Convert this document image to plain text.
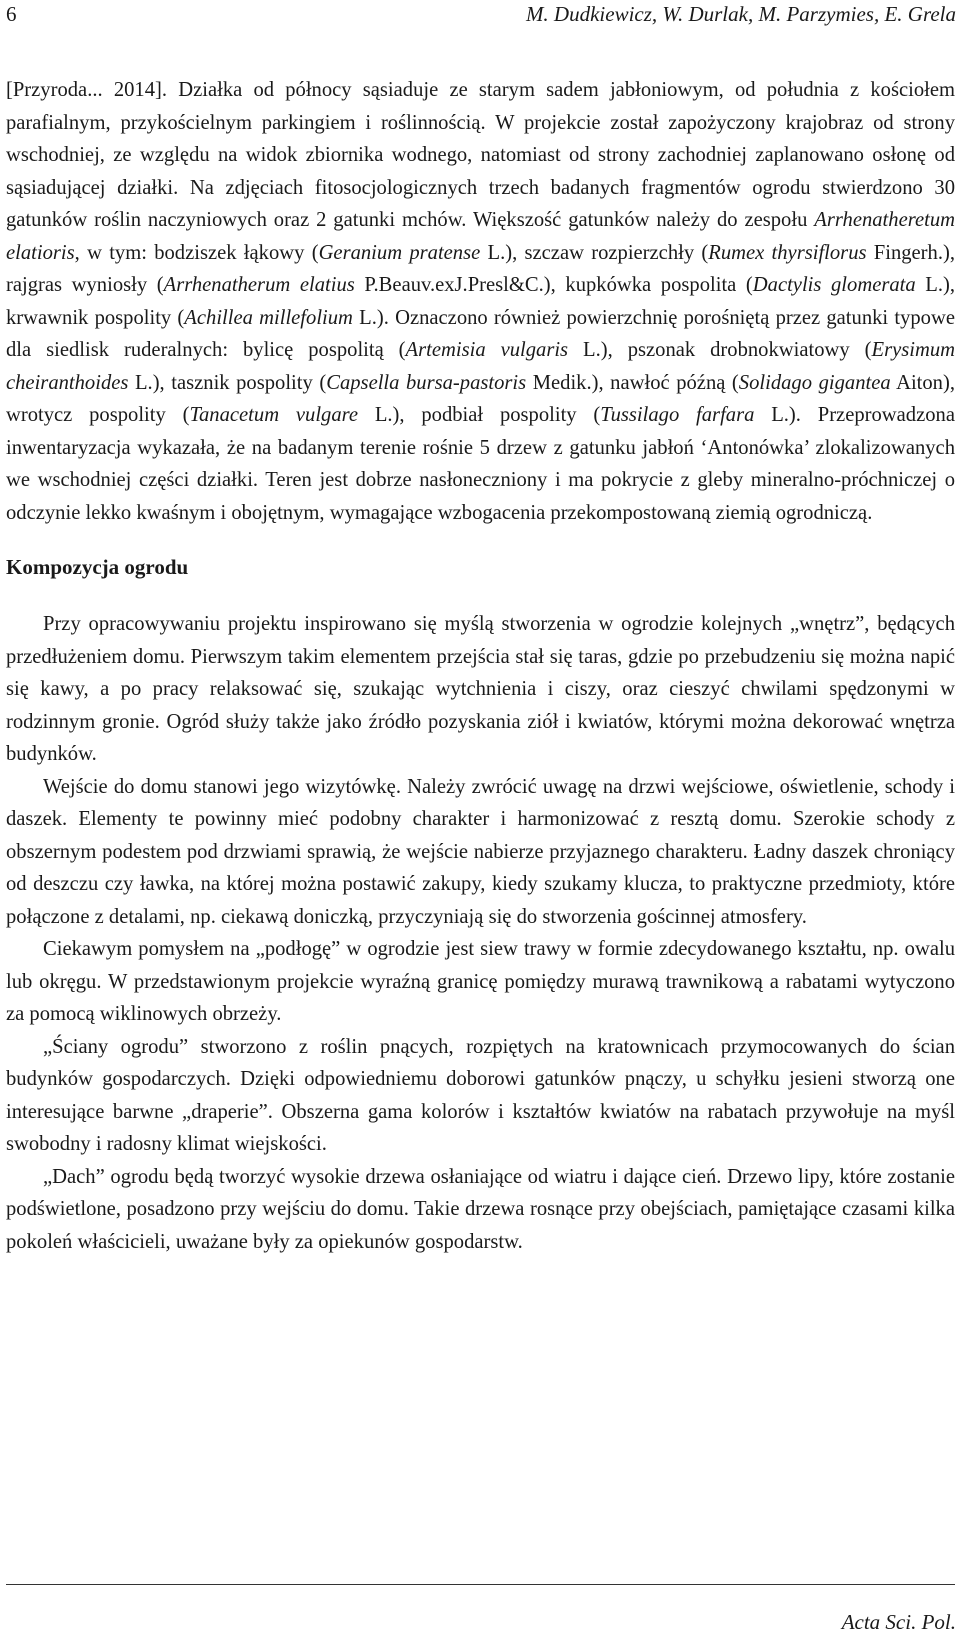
6	M. Dudkiewicz, W. Durlak, M. Parzymies, E. Grela

[Przyroda... 2014]. Działka od północy sąsiaduje ze starym sadem jabłoniowym, od południa z kościołem parafialnym, przykościelnym parkingiem i roślinnością. W projekcie został zapożyczony krajobraz od strony wschodniej, ze względu na widok zbiornika wodnego, natomiast od strony zachodniej zaplanowano osłonę od sąsiadującej działki. Na zdjęciach fitosocjologicznych trzech badanych fragmentów ogrodu stwierdzono 30 gatunków roślin naczyniowych oraz 2 gatunki mchów. Większość gatunków należy do zespołu Arrhenatheretum elatioris, w tym: bodziszek łąkowy (Geranium pratense L.), szczaw rozpierzchły (Rumex thyrsiflorus Fingerh.), rajgras wyniosły (Arrhenatherum elatius P.Beauv.exJ.Presl&C.), kupkówka pospolita (Dactylis glomerata L.), krwawnik pospolity (Achillea millefolium L.). Oznaczono również powierzchnię porośniętą przez gatunki typowe dla siedlisk ruderalnych: bylicę pospolitą (Artemisia vulgaris L.), pszonak drobnokwiatowy (Erysimum cheiranthoides L.), tasznik pospolity (Capsella bursa-pastoris Medik.), nawłoć późną (Solidago gigantea Aiton), wrotycz pospolity (Tanacetum vulgare L.), podbiał pospolity (Tussilago farfara L.). Przeprowadzona inwentaryzacja wykazała, że na badanym terenie rośnie 5 drzew z gatunku jabłoń ‘Antonówka’ zlokalizowanych we wschodniej części działki. Teren jest dobrze nasłoneczniony i ma pokrycie z gleby mineralno-próchniczej o odczynie lekko kwaśnym i obojętnym, wymagające wzbogacenia przekompostowaną ziemią ogrodniczą.

Kompozycja ogrodu

Przy opracowywaniu projektu inspirowano się myślą stworzenia w ogrodzie kolejnych „wnętrz”, będących przedłużeniem domu. Pierwszym takim elementem przejścia stał się taras, gdzie po przebudzeniu się można napić się kawy, a po pracy relaksować się, szukając wytchnienia i ciszy, oraz cieszyć chwilami spędzonymi w rodzinnym gronie. Ogród służy także jako źródło pozyskania ziół i kwiatów, którymi można dekorować wnętrza budynków.

Wejście do domu stanowi jego wizytówkę. Należy zwrócić uwagę na drzwi wejściowe, oświetlenie, schody i daszek. Elementy te powinny mieć podobny charakter i harmonizować z resztą domu. Szerokie schody z obszernym podestem pod drzwiami sprawią, że wejście nabierze przyjaznego charakteru. Ładny daszek chroniący od deszczu czy ławka, na której można postawić zakupy, kiedy szukamy klucza, to praktyczne przedmioty, które połączone z detalami, np. ciekawą doniczką, przyczyniają się do stworzenia gościnnej atmosfery.

Ciekawym pomysłem na „podłogę” w ogrodzie jest siew trawy w formie zdecydowanego kształtu, np. owalu lub okręgu. W przedstawionym projekcie wyraźną granicę pomiędzy murawą trawnikową a rabatami wytyczono za pomocą wiklinowych obrzeży.

„Ściany ogrodu” stworzono z roślin pnących, rozpiętych na kratownicach przymocowanych do ścian budynków gospodarczych. Dzięki odpowiedniemu doborowi gatunków pnączy, u schyłku jesieni stworzą one interesujące barwne „draperie”. Obszerna gama kolorów i kształtów kwiatów na rabatach przywołuje na myśl swobodny i radosny klimat wiejskości.

„Dach” ogrodu będą tworzyć wysokie drzewa osłaniające od wiatru i dające cień. Drzewo lipy, które zostanie podświetlone, posadzono przy wejściu do domu. Takie drzewa rosnące przy obejściach, pamiętające czasami kilka pokoleń właścicieli, uważane były za opiekunów gospodarstw.

Acta Sci. Pol.
